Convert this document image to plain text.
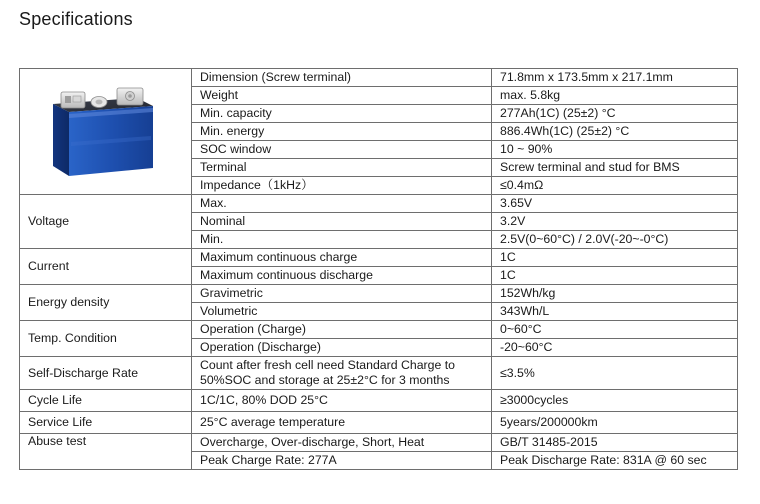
Specifications
	Dimension (Screw terminal)	71.8mm x 173.5mm x 217.1mm
	Weight	max. 5.8kg
	Min. capacity	277Ah(1C) (25±2) °C
	Min. energy	886.4Wh(1C) (25±2) °C
	SOC window	10 ~ 90%
	Terminal	Screw terminal and stud for BMS
	Impedance（1kHz）	≤0.4mΩ
Voltage	Max.	3.65V
	Nominal	3.2V
	Min.	2.5V(0~60°C) / 2.0V(-20~-0°C)
Current	Maximum continuous charge	1C
	Maximum continuous discharge	1C
Energy density	Gravimetric	152Wh/kg
	Volumetric	343Wh/L
Temp. Condition	Operation (Charge)	0~60°C
	Operation (Discharge)	-20~60°C
Self-Discharge Rate	Count after fresh cell need Standard Charge to 50%SOC and storage at 25±2°C for 3 months	≤3.5%
Cycle Life	1C/1C, 80% DOD 25°C	≥3000cycles
Service Life	25°C average temperature	5years/200000km
Abuse test	Overcharge, Over-discharge, Short, Heat	GB/T 31485-2015
	Peak Charge Rate: 277A	Peak Discharge Rate: 831A @ 60 sec
